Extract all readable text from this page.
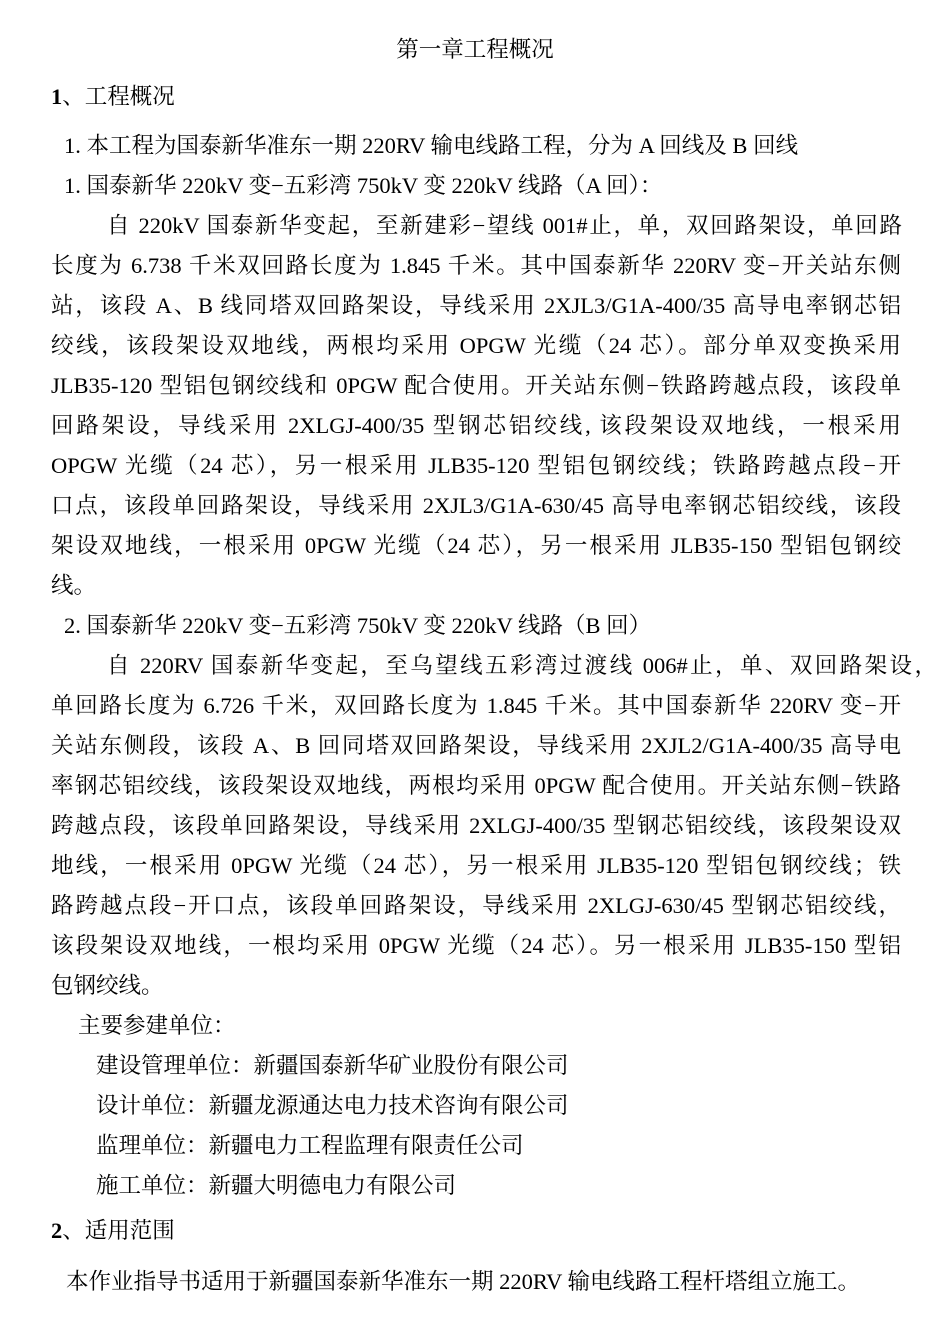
第一章工程概况
1、工程概况
1. 本工程为国泰新华准东一期 220RV 输电线路工程，分为 A 回线及 B 回线
1. 国泰新华 220kV 变−五彩湾 750kV 变 220kV 线路（A 回）：
自 220kV 国泰新华变起，至新建彩−望线 001#止，单，双回路架设，单回路
长度为 6.738 千米双回路长度为 1.845 千米。其中国泰新华 220RV 变−开关站东侧
站，该段 A、B 线同塔双回路架设，导线采用 2XJL3/G1A-400/35 高导电率钢芯铝
绞线，该段架设双地线，两根均采用 OPGW 光缆（24 芯）。部分单双变换采用
JLB35-120 型铝包钢绞线和 0PGW 配合使用。开关站东侧−铁路跨越点段，该段单
回路架设，导线采用 2XLGJ-400/35 型钢芯铝绞线, 该段架设双地线，一根采用
OPGW 光缆（24 芯），另一根采用 JLB35-120 型铝包钢绞线；铁路跨越点段−开
口点，该段单回路架设，导线采用 2XJL3/G1A-630/45 高导电率钢芯铝绞线，该段
架设双地线，一根采用 0PGW 光缆（24 芯），另一根采用 JLB35-150 型铝包钢绞
线。
2. 国泰新华 220kV 变−五彩湾 750kV 变 220kV 线路（B 回）
自 220RV 国泰新华变起，至乌望线五彩湾过渡线 006#止，单、双回路架设，
单回路长度为 6.726 千米，双回路长度为 1.845 千米。其中国泰新华 220RV 变−开
关站东侧段，该段 A、B 回同塔双回路架设，导线采用 2XJL2/G1A-400/35 高导电
率钢芯铝绞线，该段架设双地线，两根均采用 0PGW 配合使用。开关站东侧−铁路
跨越点段，该段单回路架设，导线采用 2XLGJ-400/35 型钢芯铝绞线，该段架设双
地线，一根采用 0PGW 光缆（24 芯），另一根采用 JLB35-120 型铝包钢绞线；铁
路跨越点段−开口点，该段单回路架设，导线采用 2XLGJ-630/45 型钢芯铝绞线，
该段架设双地线，一根均采用 0PGW 光缆（24 芯）。另一根采用 JLB35-150 型铝
包钢绞线。
主要参建单位：
建设管理单位：新疆国泰新华矿业股份有限公司
设计单位：新疆龙源通达电力技术咨询有限公司
监理单位：新疆电力工程监理有限责任公司
施工单位：新疆大明德电力有限公司
2、适用范围
本作业指导书适用于新疆国泰新华准东一期 220RV 输电线路工程杆塔组立施工。
